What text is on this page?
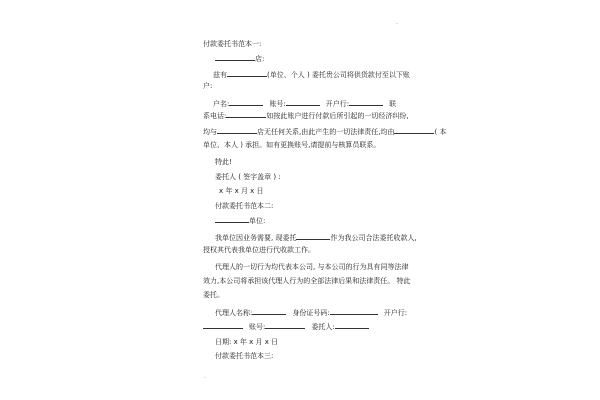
·
付款委托书范本一:
店:
兹有	(单位、个人 ) 委托贵公司将供货款付至以下账
户:
户名:	账号:	开户行:	联
系电话:	如按此账户进行付款后所引起的一切经济纠纷,
均与	店无任何关系,由此产生的一切法律责任,均由	( 本
单位、本人 ) 承担。如有更换账号,请提前与核算员联系。
特此!
委托人 ( 签字盖章 ) :
x 年 x 月 x 日
付款委托书范本二:
单位:
我单位因业务需要, 现委托	作为我公司合法委托收款人,
授权其代表我单位进行代收款工作。
代理人的一切行为均代表本公司, 与本公司的行为具有同等法律
效力,本公司将承担该代理人行为的全部法律后果和法律责任。 特此
委托。
代理人名称:	身份证号码:	开户行:
账号:	委托人:
日期: x 年 x 月 x 日
付款委托书范本三:
·
